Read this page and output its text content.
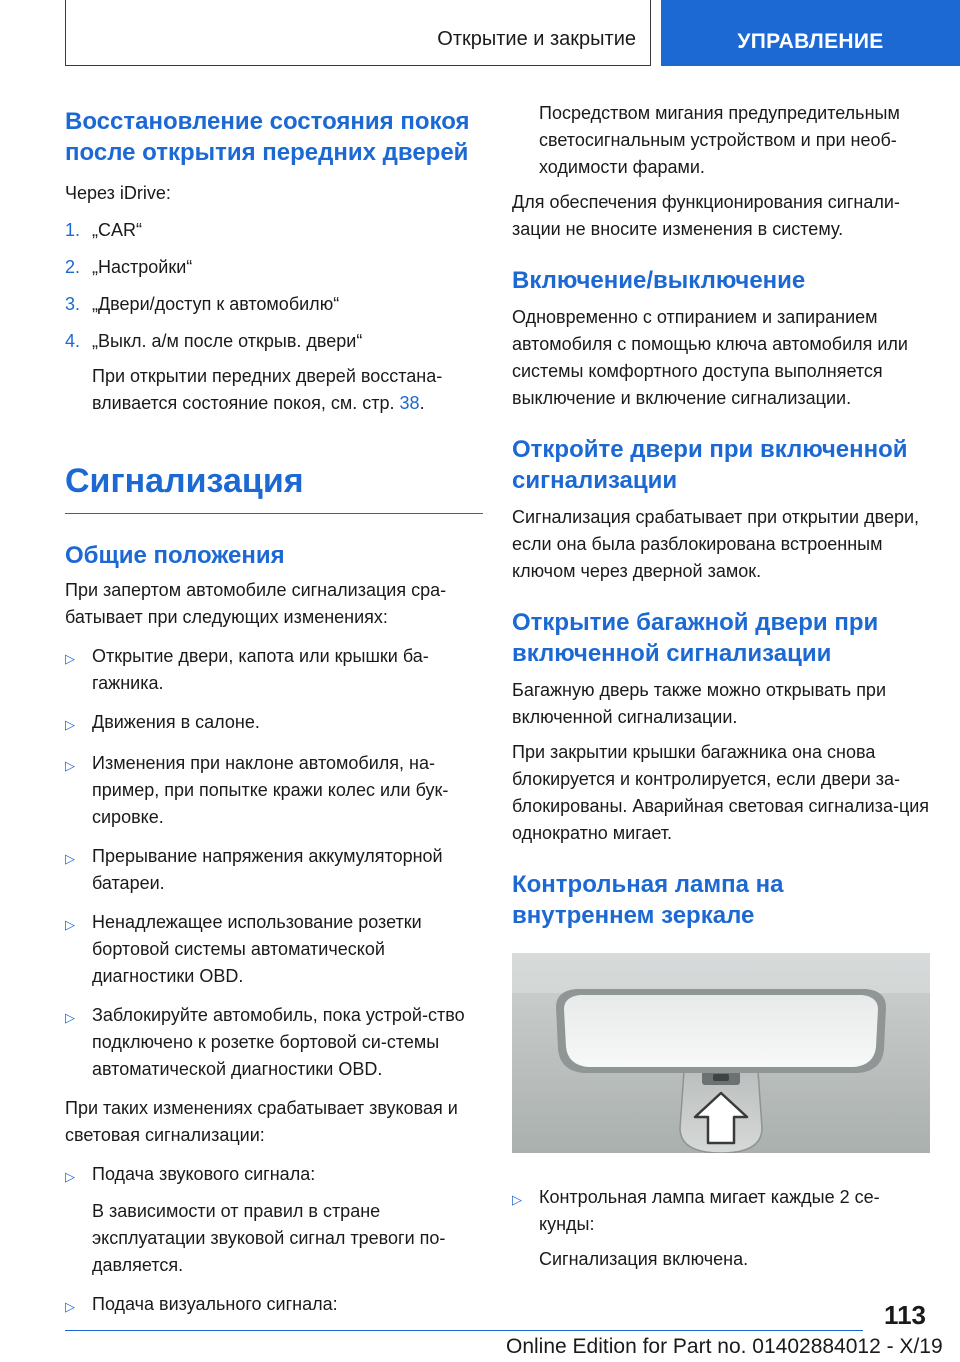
Открытие и закрытие	УПРАВЛЕНИЕ
Восстановление состояния покоя после открытия передних дверей

Через iDrive:

1. „CAR“
2. „Настройки“
3. „Двери/доступ к автомобилю“
4. „Выкл. а/м после открыв. двери“
При открытии передних дверей восстана-вливается состояние покоя, см. стр. 38.
Сигнализация
Общие положения

При запертом автомобиле сигнализация сра-батывает при следующих изменениях:

▷ Открытие двери, капота или крышки ба-гажника.
▷ Движения в салоне.
▷ Изменения при наклоне автомобиля, на-пример, при попытке кражи колес или бук-сировке.
▷ Прерывание напряжения аккумуляторной батареи.
▷ Ненадлежащее использование розетки бортовой системы автоматической диагностики OBD.
▷ Заблокируйте автомобиль, пока устрой-ство подключено к розетке бортовой си-стемы автоматической диагностики OBD.

При таких изменениях срабатывает звуковая и световая сигнализации:

▷ Подача звукового сигнала:
В зависимости от правил в стране эксплуатации звуковой сигнал тревоги по-давляется.
▷ Подача визуального сигнала:
Посредством мигания предупредительным светосигнальным устройством и при необ-ходимости фарами.

Для обеспечения функционирования сигнали-зации не вносите изменения в систему.

Включение/выключение

Одновременно с отпиранием и запиранием автомобиля с помощью ключа автомобиля или системы комфортного доступа выполняется выключение и включение сигнализации.

Откройте двери при включенной сигнализации

Сигнализация срабатывает при открытии двери, если она была разблокирована встроенным ключом через дверной замок.

Открытие багажной двери при включенной сигнализации

Багажную дверь также можно открывать при включенной сигнализации.

При закрытии крышки багажника она снова блокируется и контролируется, если двери за-блокированы. Аварийная световая сигнализа-ция однократно мигает.

Контрольная лампа на внутреннем зеркале
▷ Контрольная лампа мигает каждые 2 се-кунды:
Сигнализация включена.
113
Online Edition for Part no. 01402884012 - X/19
